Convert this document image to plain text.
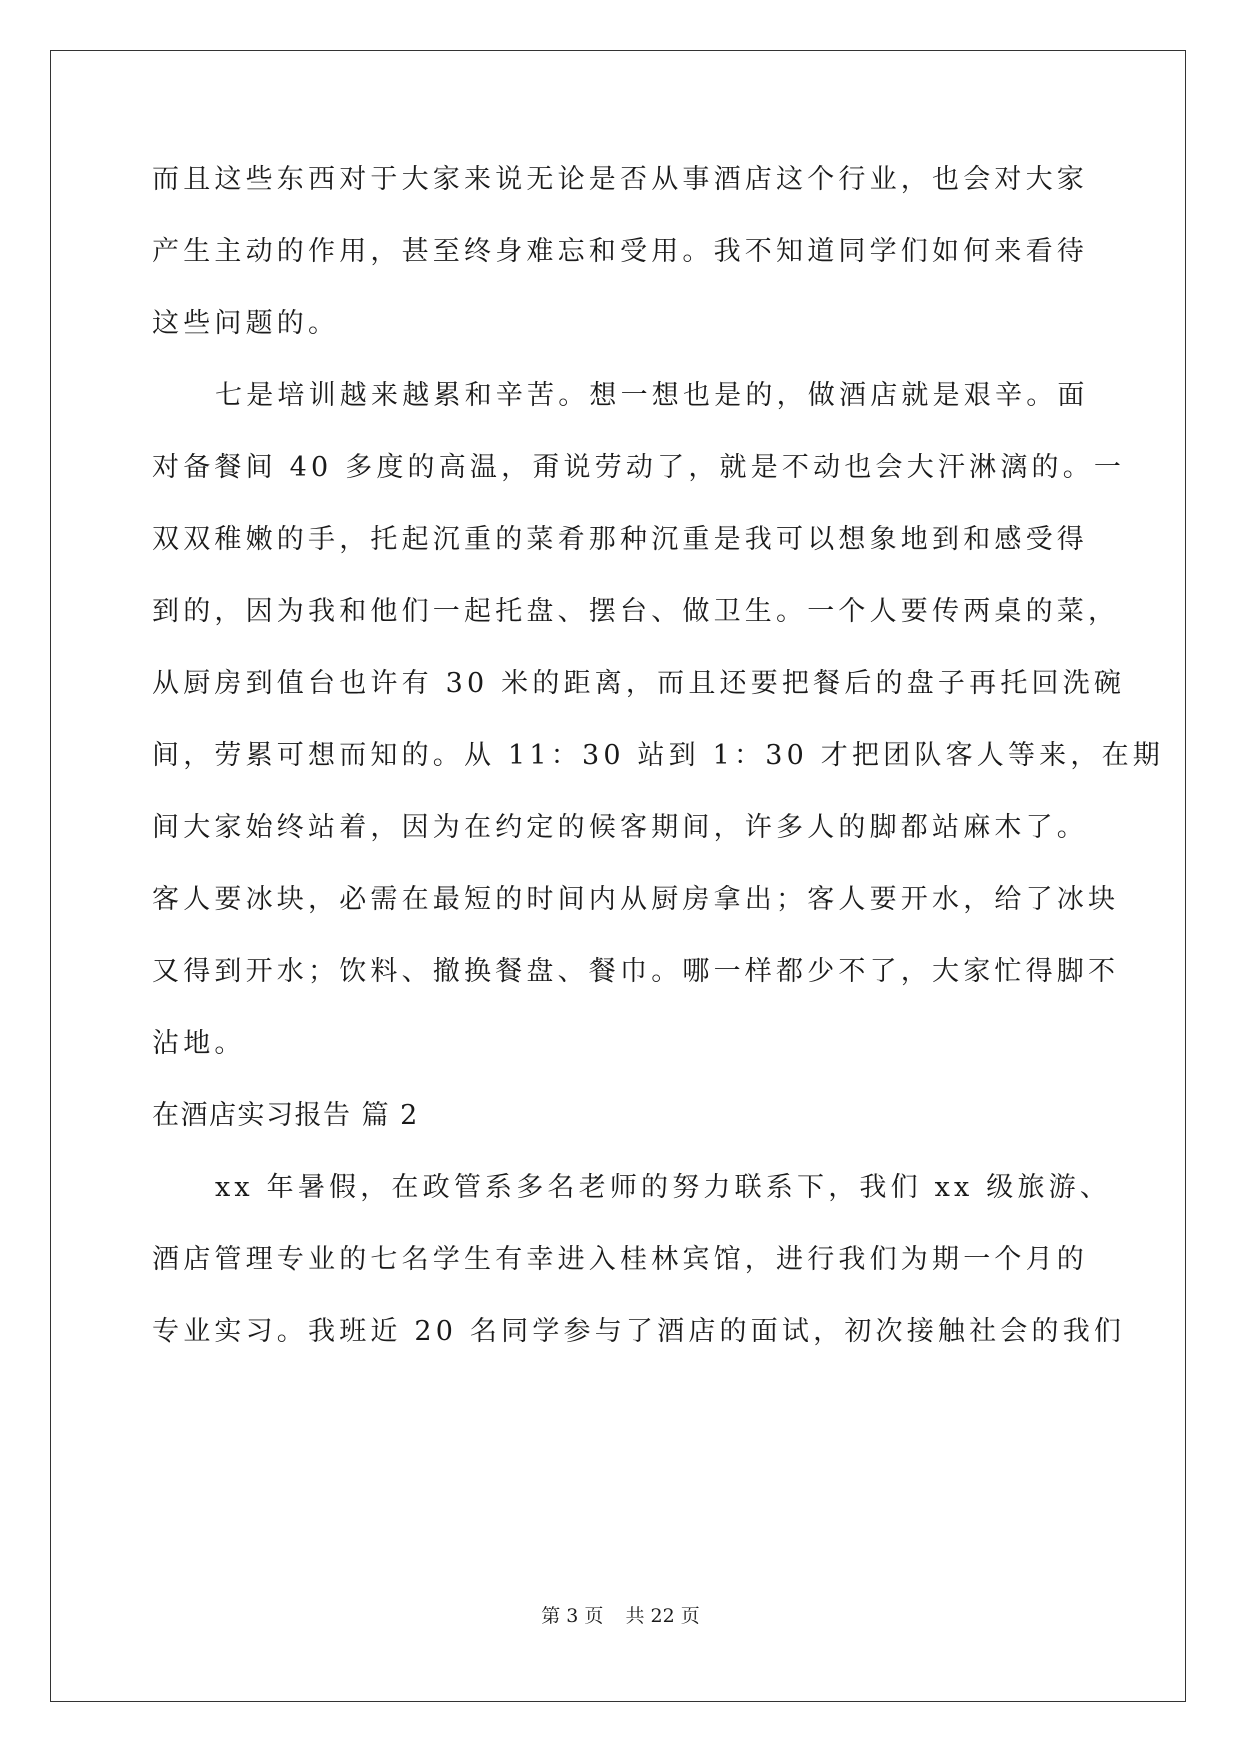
而且这些东西对于大家来说无论是否从事酒店这个行业，也会对大家
产生主动的作用，甚至终身难忘和受用。我不知道同学们如何来看待
这些问题的。
七是培训越来越累和辛苦。想一想也是的，做酒店就是艰辛。面
对备餐间 40 多度的高温，甭说劳动了，就是不动也会大汗淋漓的。一
双双稚嫩的手，托起沉重的菜肴那种沉重是我可以想象地到和感受得
到的，因为我和他们一起托盘、摆台、做卫生。一个人要传两桌的菜，
从厨房到值台也许有 30 米的距离，而且还要把餐后的盘子再托回洗碗
间，劳累可想而知的。从 11：30 站到 1：30 才把团队客人等来，在期
间大家始终站着，因为在约定的候客期间，许多人的脚都站麻木了。
客人要冰块，必需在最短的时间内从厨房拿出；客人要开水，给了冰块
又得到开水；饮料、撤换餐盘、餐巾。哪一样都少不了，大家忙得脚不
沾地。
在酒店实习报告 篇 2
xx 年暑假，在政管系多名老师的努力联系下，我们 xx 级旅游、
酒店管理专业的七名学生有幸进入桂林宾馆，进行我们为期一个月的
专业实习。我班近 20 名同学参与了酒店的面试，初次接触社会的我们
第 3 页 共 22 页
